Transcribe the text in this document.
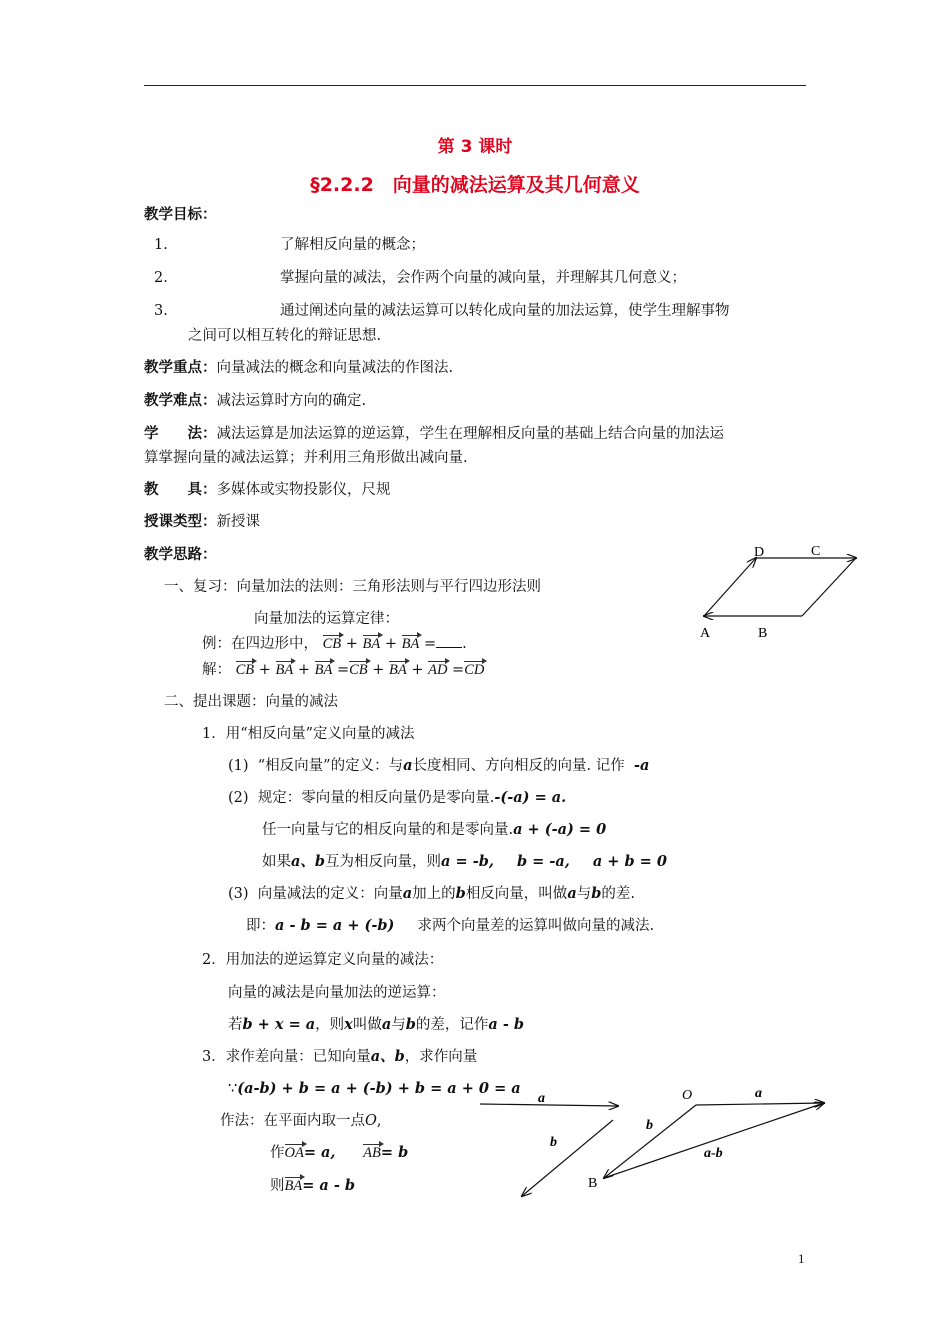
第 3 课时
§2.2.2　向量的减法运算及其几何意义
教学目标：
1.	了解相反向量的概念；
2.	掌握向量的减法，会作两个向量的减向量，并理解其几何意义；
3.	通过阐述向量的减法运算可以转化成向量的加法运算，使学生理解事物
之间可以相互转化的辩证思想.
教学重点：向量减法的概念和向量减法的作图法.
教学难点：减法运算时方向的确定.
学　　法：减法运算是加法运算的逆运算，学生在理解相反向量的基础上结合向量的加法运
算掌握向量的减法运算；并利用三角形做出减向量.
教　　具：多媒体或实物投影仪，尺规
授课类型：新授课
教学思路：	D	C
A	B
一、复习：向量加法的法则：三角形法则与平行四边形法则
向量加法的运算定律：
例：在四边形中， CB + BA + BA = .
解： CB + BA + BA =CB + BA + AD =CD
二、提出课题：向量的减法
1．用“相反向量”定义向量的减法
(1) “相反向量”的定义：与a长度相同、方向相反的向量. 记作 -a
(2) 规定：零向量的相反向量仍是零向量.-(-a) = a.
任一向量与它的相反向量的和是零向量.a + (-a) = 0
如果a、b互为相反向量，则a = -b, b = -a, a + b = 0
(3) 向量减法的定义：向量a加上的b相反向量，叫做a与b的差.
即：a - b = a + (-b) 求两个向量差的运算叫做向量的减法.
2．用加法的逆运算定义向量的减法：
向量的减法是向量加法的逆运算：
若b + x = a，则x叫做a与b的差，记作a - b
3．求作差向量：已知向量a、b，求作向量
∵(a-b) + b = a + (-b) + b = a + 0 = a
作法：在平面内取一点O,
作OA= a, AB= b
则BA= a - b
a
b
O	a
b
a-b
B
1
